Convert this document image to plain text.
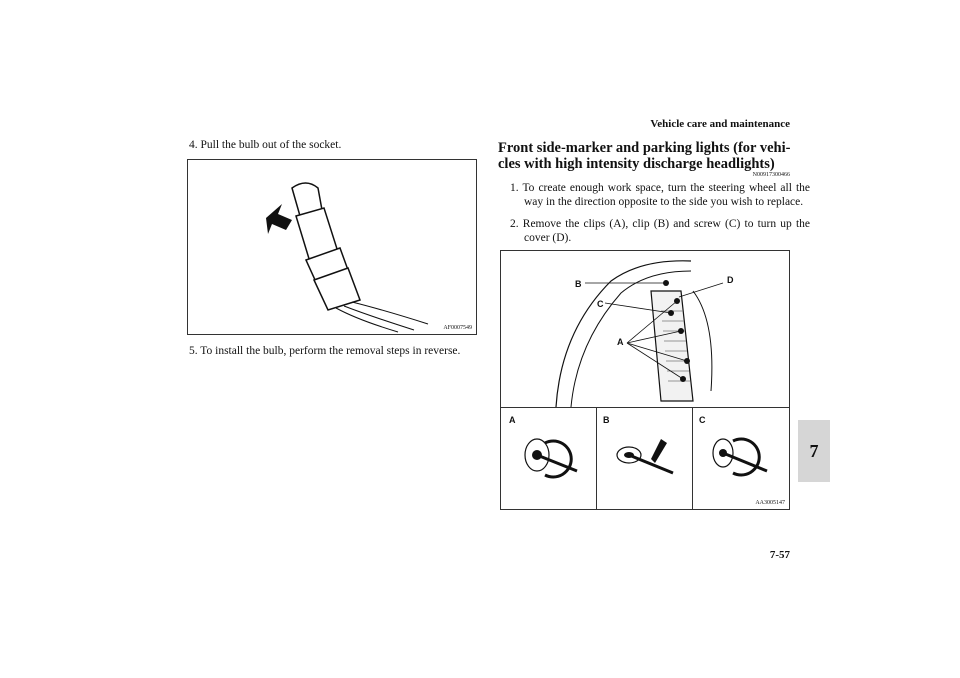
Vehicle care and maintenance
4. Pull the bulb out of the socket.
AF0007549
5. To install the bulb, perform the removal steps in reverse.
Front side-marker and parking lights (for vehi-
cles with high intensity discharge headlights)
N00917300466
1. To create enough work space, turn the steering wheel all the way in the direction opposite to the side you wish to replace.
2. Remove the clips (A), clip (B) and screw (C) to turn up the cover (D).
B
C
A
D
A	B	C
AA3005147
7
7-57
